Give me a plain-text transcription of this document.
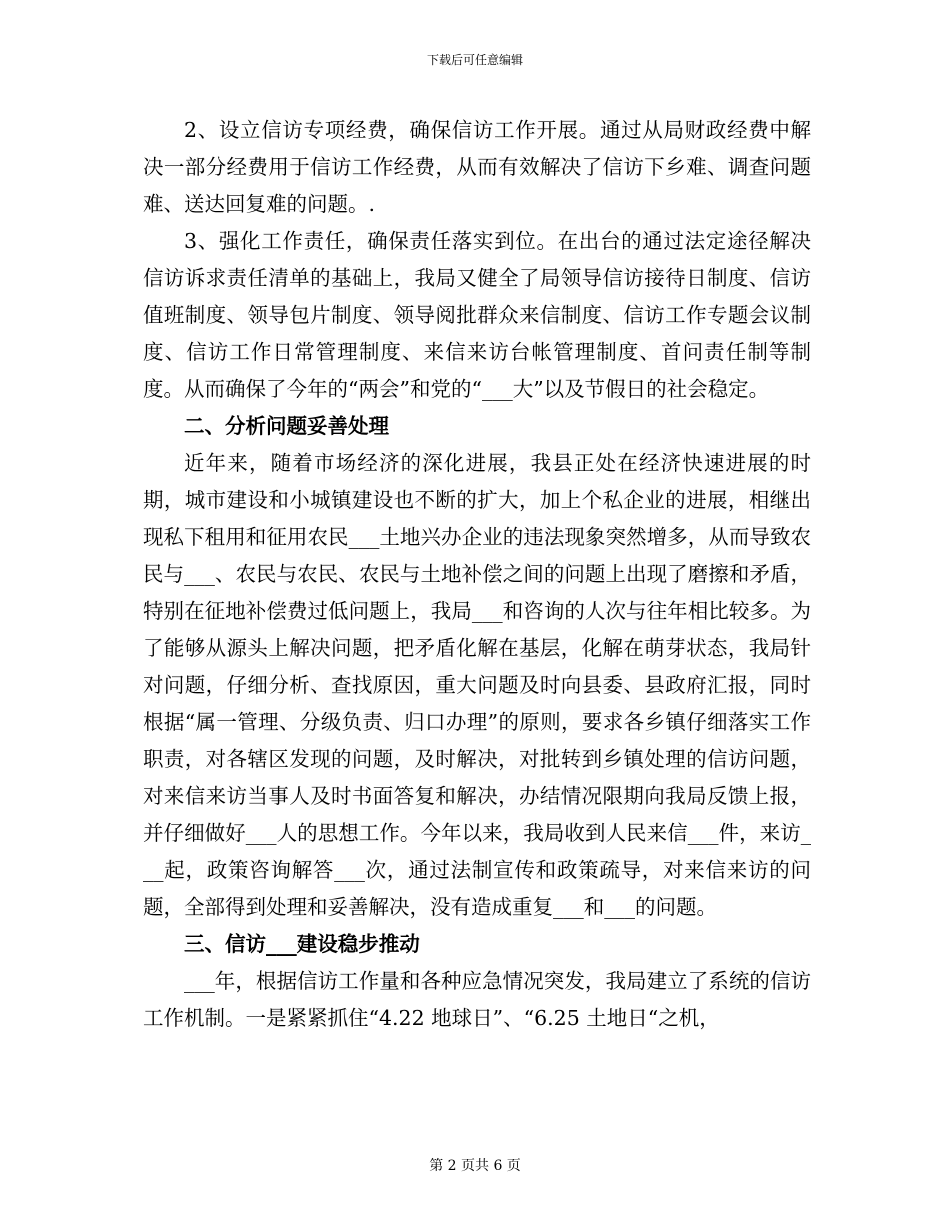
下载后可任意编辑

2、设立信访专项经费，确保信访工作开展。通过从局财政经费中解决一部分经费用于信访工作经费，从而有效解决了信访下乡难、调查问题难、送达回复难的问题。.

3、强化工作责任，确保责任落实到位。在出台的通过法定途径解决信访诉求责任清单的基础上，我局又健全了局领导信访接待日制度、信访值班制度、领导包片制度、领导阅批群众来信制度、信访工作专题会议制度、信访工作日常管理制度、来信来访台帐管理制度、首问责任制等制度。从而确保了今年的“两会”和党的“___大”以及节假日的社会稳定。

二、分析问题妥善处理

近年来，随着市场经济的深化进展，我县正处在经济快速进展的时期，城市建设和小城镇建设也不断的扩大，加上个私企业的进展，相继出现私下租用和征用农民___土地兴办企业的违法现象突然增多，从而导致农民与___、农民与农民、农民与土地补偿之间的问题上出现了磨擦和矛盾，特别在征地补偿费过低问题上，我局___和咨询的人次与往年相比较多。为了能够从源头上解决问题，把矛盾化解在基层，化解在萌芽状态，我局针对问题，仔细分析、查找原因，重大问题及时向县委、县政府汇报，同时根据“属一管理、分级负责、归口办理”的原则，要求各乡镇仔细落实工作职责，对各辖区发现的问题，及时解决，对批转到乡镇处理的信访问题，对来信来访当事人及时书面答复和解决，办结情况限期向我局反馈上报，并仔细做好___人的思想工作。今年以来，我局收到人民来信___件，来访___起，政策咨询解答___次，通过法制宣传和政策疏导，对来信来访的问题，全部得到处理和妥善解决，没有造成重复___和___的问题。

三、信访___建设稳步推动

___年，根据信访工作量和各种应急情况突发，我局建立了系统的信访工作机制。一是紧紧抓住“4.22 地球日”、“6.25 土地日“之机，

第 2 页共 6 页
